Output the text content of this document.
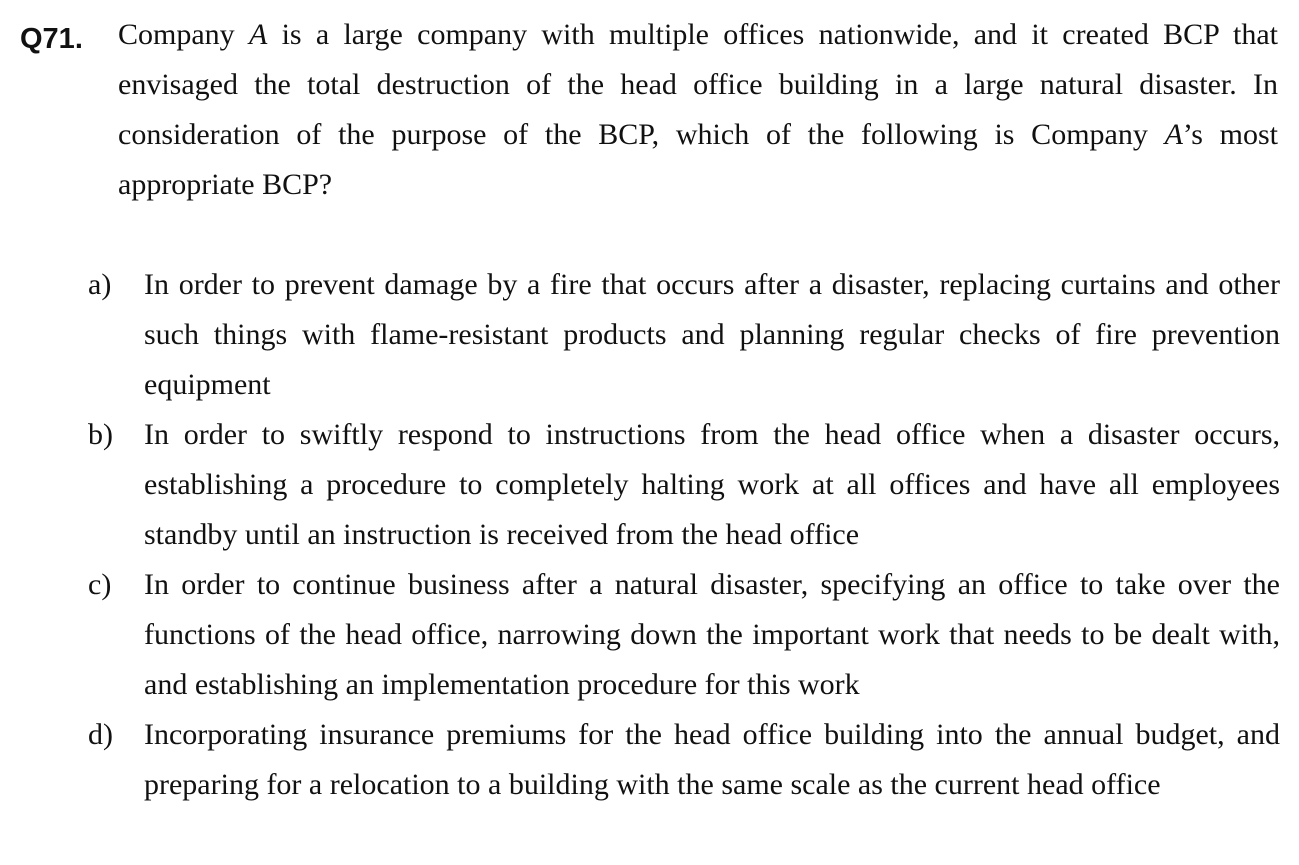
Q71. Company A is a large company with multiple offices nationwide, and it created BCP that envisaged the total destruction of the head office building in a large natural disaster. In consideration of the purpose of the BCP, which of the following is Company A’s most appropriate BCP?
a) In order to prevent damage by a fire that occurs after a disaster, replacing curtains and other such things with flame-resistant products and planning regular checks of fire prevention equipment
b) In order to swiftly respond to instructions from the head office when a disaster occurs, establishing a procedure to completely halting work at all offices and have all employees standby until an instruction is received from the head office
c) In order to continue business after a natural disaster, specifying an office to take over the functions of the head office, narrowing down the important work that needs to be dealt with, and establishing an implementation procedure for this work
d) Incorporating insurance premiums for the head office building into the annual budget, and preparing for a relocation to a building with the same scale as the current head office
